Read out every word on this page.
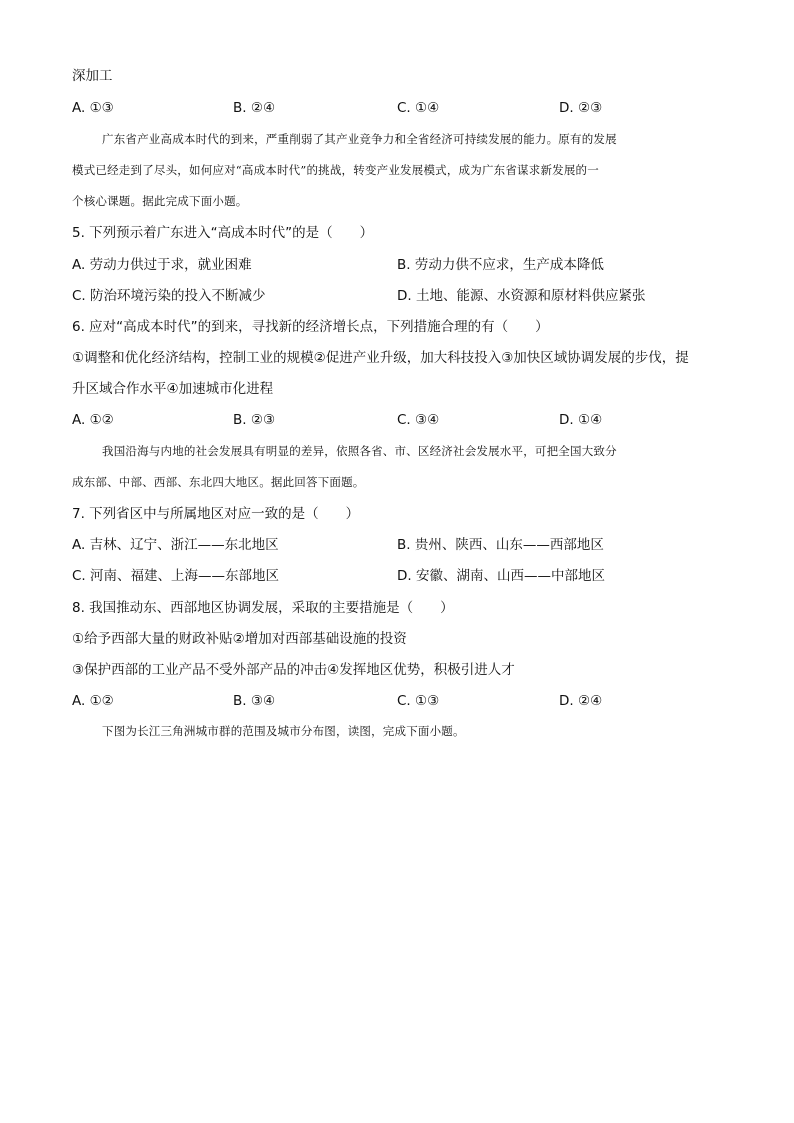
深加工
A. ①③	B. ②④	C. ①④	D. ②③
广东省产业高成本时代的到来，严重削弱了其产业竞争力和全省经济可持续发展的能力。原有的发展
模式已经走到了尽头，如何应对“高成本时代”的挑战，转变产业发展模式，成为广东省谋求新发展的一
个核心课题。据此完成下面小题。
5. 下列预示着广东进入“高成本时代”的是（　　）
A. 劳动力供过于求，就业困难	B. 劳动力供不应求，生产成本降低
C. 防治环境污染的投入不断减少	D. 土地、能源、水资源和原材料供应紧张
6. 应对“高成本时代”的到来，寻找新的经济增长点，下列措施合理的有（　　）
①调整和优化经济结构，控制工业的规模②促进产业升级，加大科技投入③加快区域协调发展的步伐，提
升区域合作水平④加速城市化进程
A. ①②	B. ②③	C. ③④	D. ①④
我国沿海与内地的社会发展具有明显的差异，依照各省、市、区经济社会发展水平，可把全国大致分
成东部、中部、西部、东北四大地区。据此回答下面题。
7. 下列省区中与所属地区对应一致的是（　　）
A. 吉林、辽宁、浙江——东北地区	B. 贵州、陕西、山东——西部地区
C. 河南、福建、上海——东部地区	D. 安徽、湖南、山西——中部地区
8. 我国推动东、西部地区协调发展，采取的主要措施是（　　）
①给予西部大量的财政补贴②增加对西部基础设施的投资
③保护西部的工业产品不受外部产品的冲击④发挥地区优势，积极引进人才
A. ①②	B. ③④	C. ①③	D. ②④
下图为长江三角洲城市群的范围及城市分布图，读图，完成下面小题。
